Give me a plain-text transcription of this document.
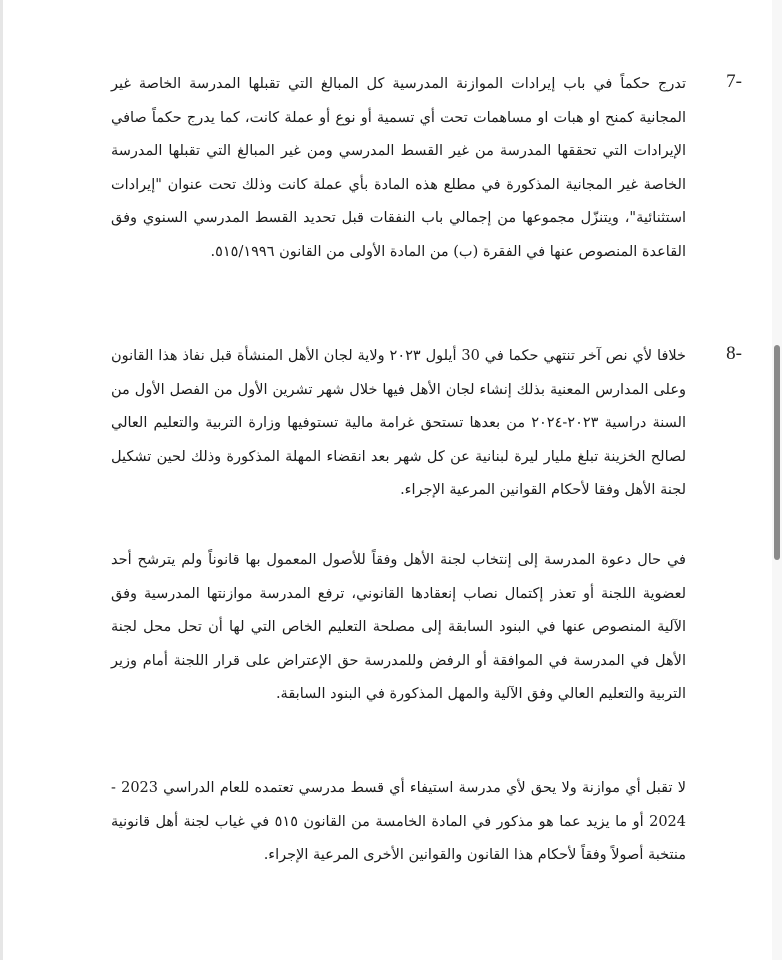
7-

تدرج حكماً في باب إيرادات الموازنة المدرسية كل المبالغ التي تقبلها المدرسة الخاصة غير المجانية كمنح او هبات او مساهمات تحت أي تسمية أو نوع أو عملة كانت، كما يدرج حكماً صافي الإيرادات التي تحققها المدرسة من غير القسط المدرسي ومن غير المبالغ التي تقبلها المدرسة الخاصة غير المجانية المذكورة في مطلع هذه المادة بأي عملة كانت وذلك تحت عنوان "إيرادات استثنائية"، ويتنزّل مجموعها من إجمالي باب النفقات قبل تحديد القسط المدرسي السنوي وفق القاعدة المنصوص عنها في الفقرة (ب) من المادة الأولى من القانون ٥١٥/١٩٩٦.

8-

خلافا لأي نص آخر تنتهي حكما في 30 أيلول ٢٠٢٣ ولاية لجان الأهل المنشأة قبل نفاذ هذا القانون وعلى المدارس المعنية بذلك إنشاء لجان الأهل فيها خلال شهر تشرين الأول من الفصل الأول من السنة دراسية ٢٠٢٣-٢٠٢٤ من بعدها تستحق غرامة مالية تستوفيها وزارة التربية والتعليم العالي لصالح الخزينة تبلغ مليار ليرة لبنانية عن كل شهر بعد انقضاء المهلة المذكورة وذلك لحين تشكيل لجنة الأهل وفقا لأحكام القوانين المرعية الإجراء.

في حال دعوة المدرسة إلى إنتخاب لجنة الأهل وفقاً للأصول المعمول بها قانوناً ولم يترشح أحد لعضوية اللجنة أو تعذر إكتمال نصاب إنعقادها القانوني، ترفع المدرسة موازنتها المدرسية وفق الآلية المنصوص عنها في البنود السابقة إلى مصلحة التعليم الخاص التي لها أن تحل محل لجنة الأهل في المدرسة في الموافقة أو الرفض وللمدرسة حق الإعتراض على قرار اللجنة أمام وزير التربية والتعليم العالي وفق الآلية والمهل المذكورة في البنود السابقة.

لا تقبل أي موازنة ولا يحق لأي مدرسة استيفاء أي قسط مدرسي تعتمده للعام الدراسي 2023 - 2024 أو ما يزيد عما هو مذكور في المادة الخامسة من القانون ٥١٥ في غياب لجنة أهل قانونية منتخبة أصولاً وفقاً لأحكام هذا القانون والقوانين الأخرى المرعية الإجراء.
